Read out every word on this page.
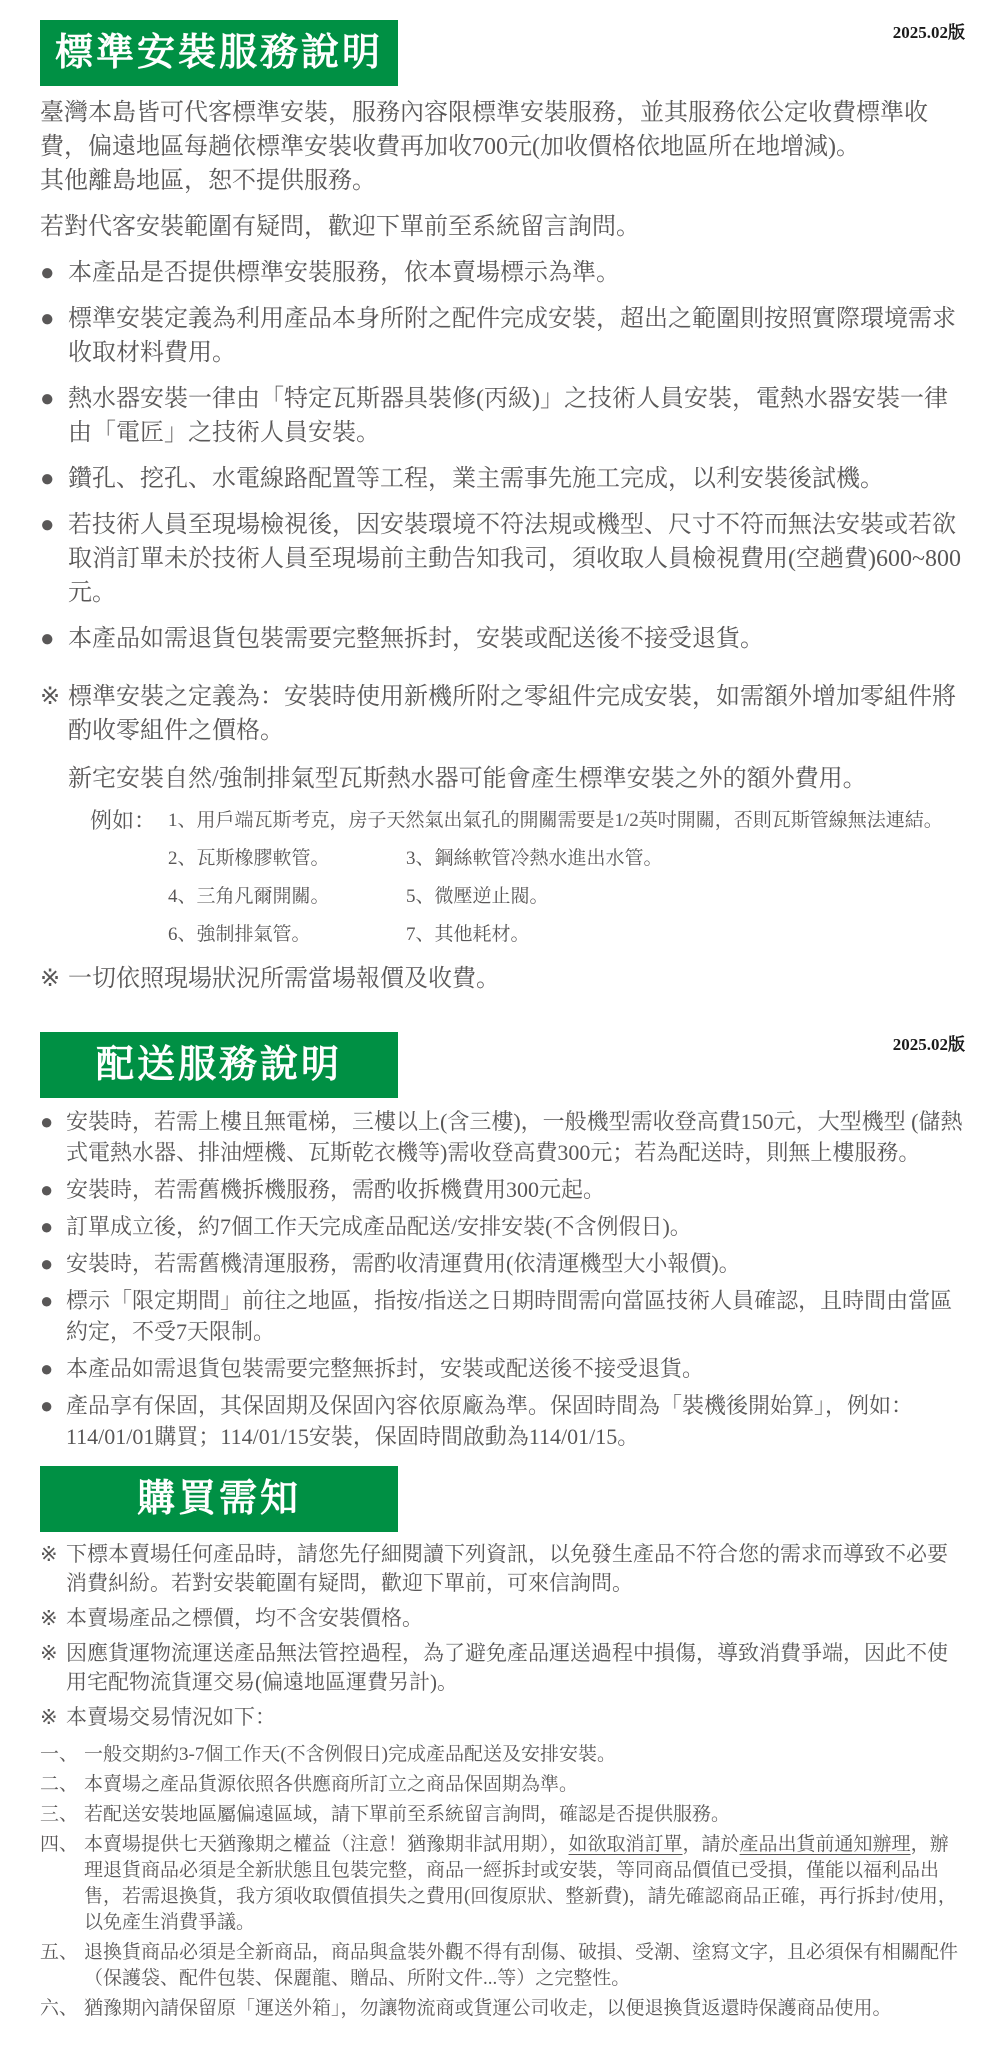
2025.02版
標準安裝服務說明

臺灣本島皆可代客標準安裝，服務內容限標準安裝服務，並其服務依公定收費標準收費，偏遠地區每趟依標準安裝收費再加收700元(加收價格依地區所在地增減)。

其他離島地區，恕不提供服務。

若對代客安裝範圍有疑問，歡迎下單前至系統留言詢問。

● 本產品是否提供標準安裝服務，依本賣場標示為準。
● 標準安裝定義為利用產品本身所附之配件完成安裝，超出之範圍則按照實際環境需求收取材料費用。
● 熱水器安裝一律由「特定瓦斯器具裝修(丙級)」之技術人員安裝，電熱水器安裝一律由「電匠」之技術人員安裝。
● 鑽孔、挖孔、水電線路配置等工程，業主需事先施工完成，以利安裝後試機。
● 若技術人員至現場檢視後，因安裝環境不符法規或機型、尺寸不符而無法安裝或若欲取消訂單未於技術人員至現場前主動告知我司，須收取人員檢視費用(空趟費)600~800元。
● 本產品如需退貨包裝需要完整無拆封，安裝或配送後不接受退貨。
※ 標準安裝之定義為：安裝時使用新機所附之零組件完成安裝，如需額外增加零組件將酌收零組件之價格。
新宅安裝自然/強制排氣型瓦斯熱水器可能會產生標準安裝之外的額外費用。
例如： 1、用戶端瓦斯考克，房子天然氣出氣孔的開關需要是1/2英吋開關，否則瓦斯管線無法連結。
2、瓦斯橡膠軟管。	3、鋼絲軟管冷熱水進出水管。
4、三角凡爾開關。	5、微壓逆止閥。
6、強制排氣管。	7、其他耗材。
※ 一切依照現場狀況所需當場報價及收費。
2025.02版
配送服務說明
● 安裝時，若需上樓且無電梯，三樓以上(含三樓)，一般機型需收登高費150元，大型機型 (儲熱式電熱水器、排油煙機、瓦斯乾衣機等)需收登高費300元；若為配送時，則無上樓服務。
● 安裝時，若需舊機拆機服務，需酌收拆機費用300元起。
● 訂單成立後，約7個工作天完成產品配送/安排安裝(不含例假日)。
● 安裝時，若需舊機清運服務，需酌收清運費用(依清運機型大小報價)。
● 標示「限定期間」前往之地區，指按/指送之日期時間需向當區技術人員確認，且時間由當區約定，不受7天限制。
● 本產品如需退貨包裝需要完整無拆封，安裝或配送後不接受退貨。
● 產品享有保固，其保固期及保固內容依原廠為準。保固時間為「裝機後開始算」，例如：114/01/01購買；114/01/15安裝，保固時間啟動為114/01/15。
購買需知
※ 下標本賣場任何產品時，請您先仔細閱讀下列資訊，以免發生產品不符合您的需求而導致不必要消費糾紛。若對安裝範圍有疑問，歡迎下單前，可來信詢問。
※ 本賣場產品之標價，均不含安裝價格。
※ 因應貨運物流運送產品無法管控過程，為了避免產品運送過程中損傷，導致消費爭端，因此不使用宅配物流貨運交易(偏遠地區運費另計)。
※ 本賣場交易情況如下：
一、 一般交期約3-7個工作天(不含例假日)完成產品配送及安排安裝。
二、 本賣場之產品貨源依照各供應商所訂立之商品保固期為準。
三、 若配送安裝地區屬偏遠區域，請下單前至系統留言詢問，確認是否提供服務。
四、 本賣場提供七天猶豫期之權益（注意！猶豫期非試用期），如欲取消訂單，請於產品出貨前通知辦理，辦理退貨商品必須是全新狀態且包裝完整，商品一經拆封或安裝，等同商品價值已受損，僅能以福利品出售，若需退換貨，我方須收取價值損失之費用(回復原狀、整新費)，請先確認商品正確，再行拆封/使用，以免產生消費爭議。
五、 退換貨商品必須是全新商品，商品與盒裝外觀不得有刮傷、破損、受潮、塗寫文字，且必須保有相關配件（保護袋、配件包裝、保麗龍、贈品、所附文件...等）之完整性。
六、 猶豫期內請保留原「運送外箱」，勿讓物流商或貨運公司收走，以便退換貨返還時保護商品使用。
